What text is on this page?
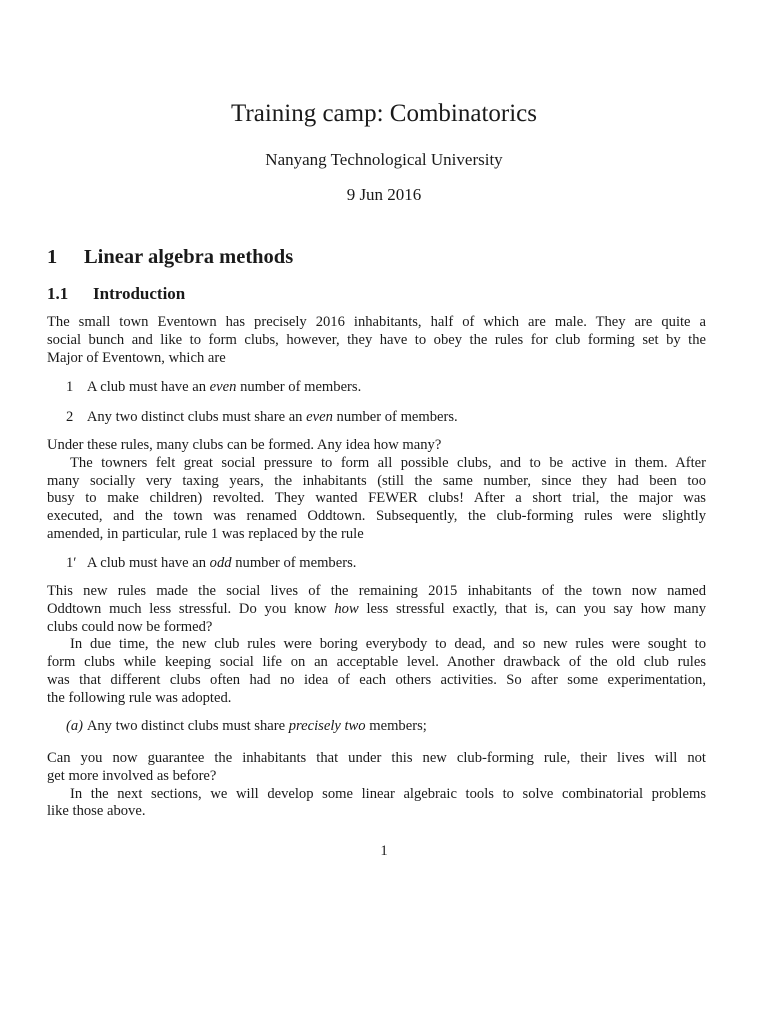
Training camp: Combinatorics
Nanyang Technological University
9 Jun 2016
1 Linear algebra methods
1.1 Introduction
The small town Eventown has precisely 2016 inhabitants, half of which are male. They are quite a
social bunch and like to form clubs, however, they have to obey the rules for club forming set by the
Major of Eventown, which are
1 A club must have an even number of members.
2 Any two distinct clubs must share an even number of members.
Under these rules, many clubs can be formed. Any idea how many?
The towners felt great social pressure to form all possible clubs, and to be active in them. After
many socially very taxing years, the inhabitants (still the same number, since they had been too
busy to make children) revolted. They wanted FEWER clubs! After a short trial, the major was
executed, and the town was renamed Oddtown. Subsequently, the club-forming rules were slightly
amended, in particular, rule 1 was replaced by the rule
1′ A club must have an odd number of members.
This new rules made the social lives of the remaining 2015 inhabitants of the town now named
Oddtown much less stressful. Do you know how less stressful exactly, that is, can you say how many
clubs could now be formed?
In due time, the new club rules were boring everybody to dead, and so new rules were sought to
form clubs while keeping social life on an acceptable level. Another drawback of the old club rules
was that different clubs often had no idea of each others activities. So after some experimentation,
the following rule was adopted.
(a) Any two distinct clubs must share precisely two members;
Can you now guarantee the inhabitants that under this new club-forming rule, their lives will not
get more involved as before?
In the next sections, we will develop some linear algebraic tools to solve combinatorial problems
like those above.
1
